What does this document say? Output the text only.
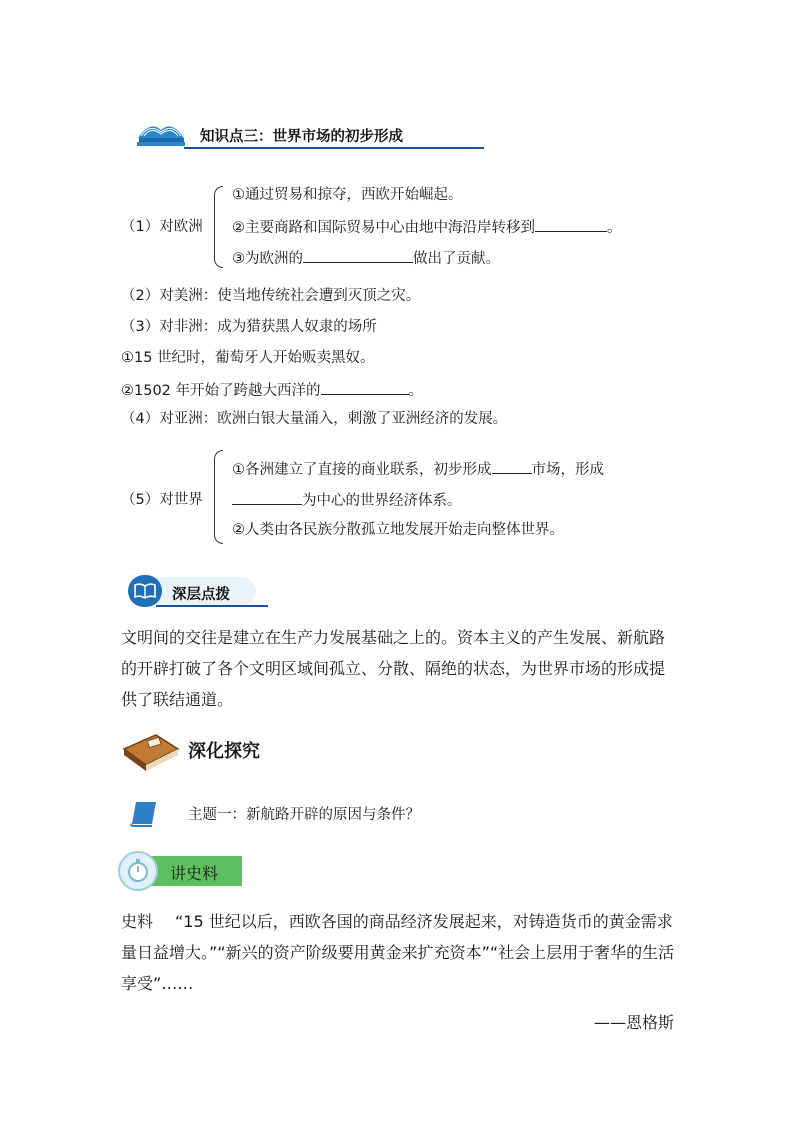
知识点三：世界市场的初步形成
（1）对欧洲
①通过贸易和掠夺，西欧开始崛起。
②主要商路和国际贸易中心由地中海沿岸转移到	。
③为欧洲的	做出了贡献。
（2）对美洲：使当地传统社会遭到灭顶之灾。
（3）对非洲：成为猎获黑人奴隶的场所
①15 世纪时，葡萄牙人开始贩卖黑奴。
②1502 年开始了跨越大西洋的	。
（4）对亚洲：欧洲白银大量涌入，刺激了亚洲经济的发展。
（5）对世界
①各洲建立了直接的商业联系，初步形成	市场，形成
为中心的世界经济体系。
②人类由各民族分散孤立地发展开始走向整体世界。
深层点拨
文明间的交往是建立在生产力发展基础之上的。资本主义的产生发展、新航路的开辟打破了各个文明区域间孤立、分散、隔绝的状态，为世界市场的形成提供了联结通道。
深化探究
主题一：新航路开辟的原因与条件？
讲史料
史料 “15 世纪以后，西欧各国的商品经济发展起来，对铸造货币的黄金需求量日益增大。”“新兴的资产阶级要用黄金来扩充资本”“社会上层用于奢华的生活享受”……
——恩格斯
